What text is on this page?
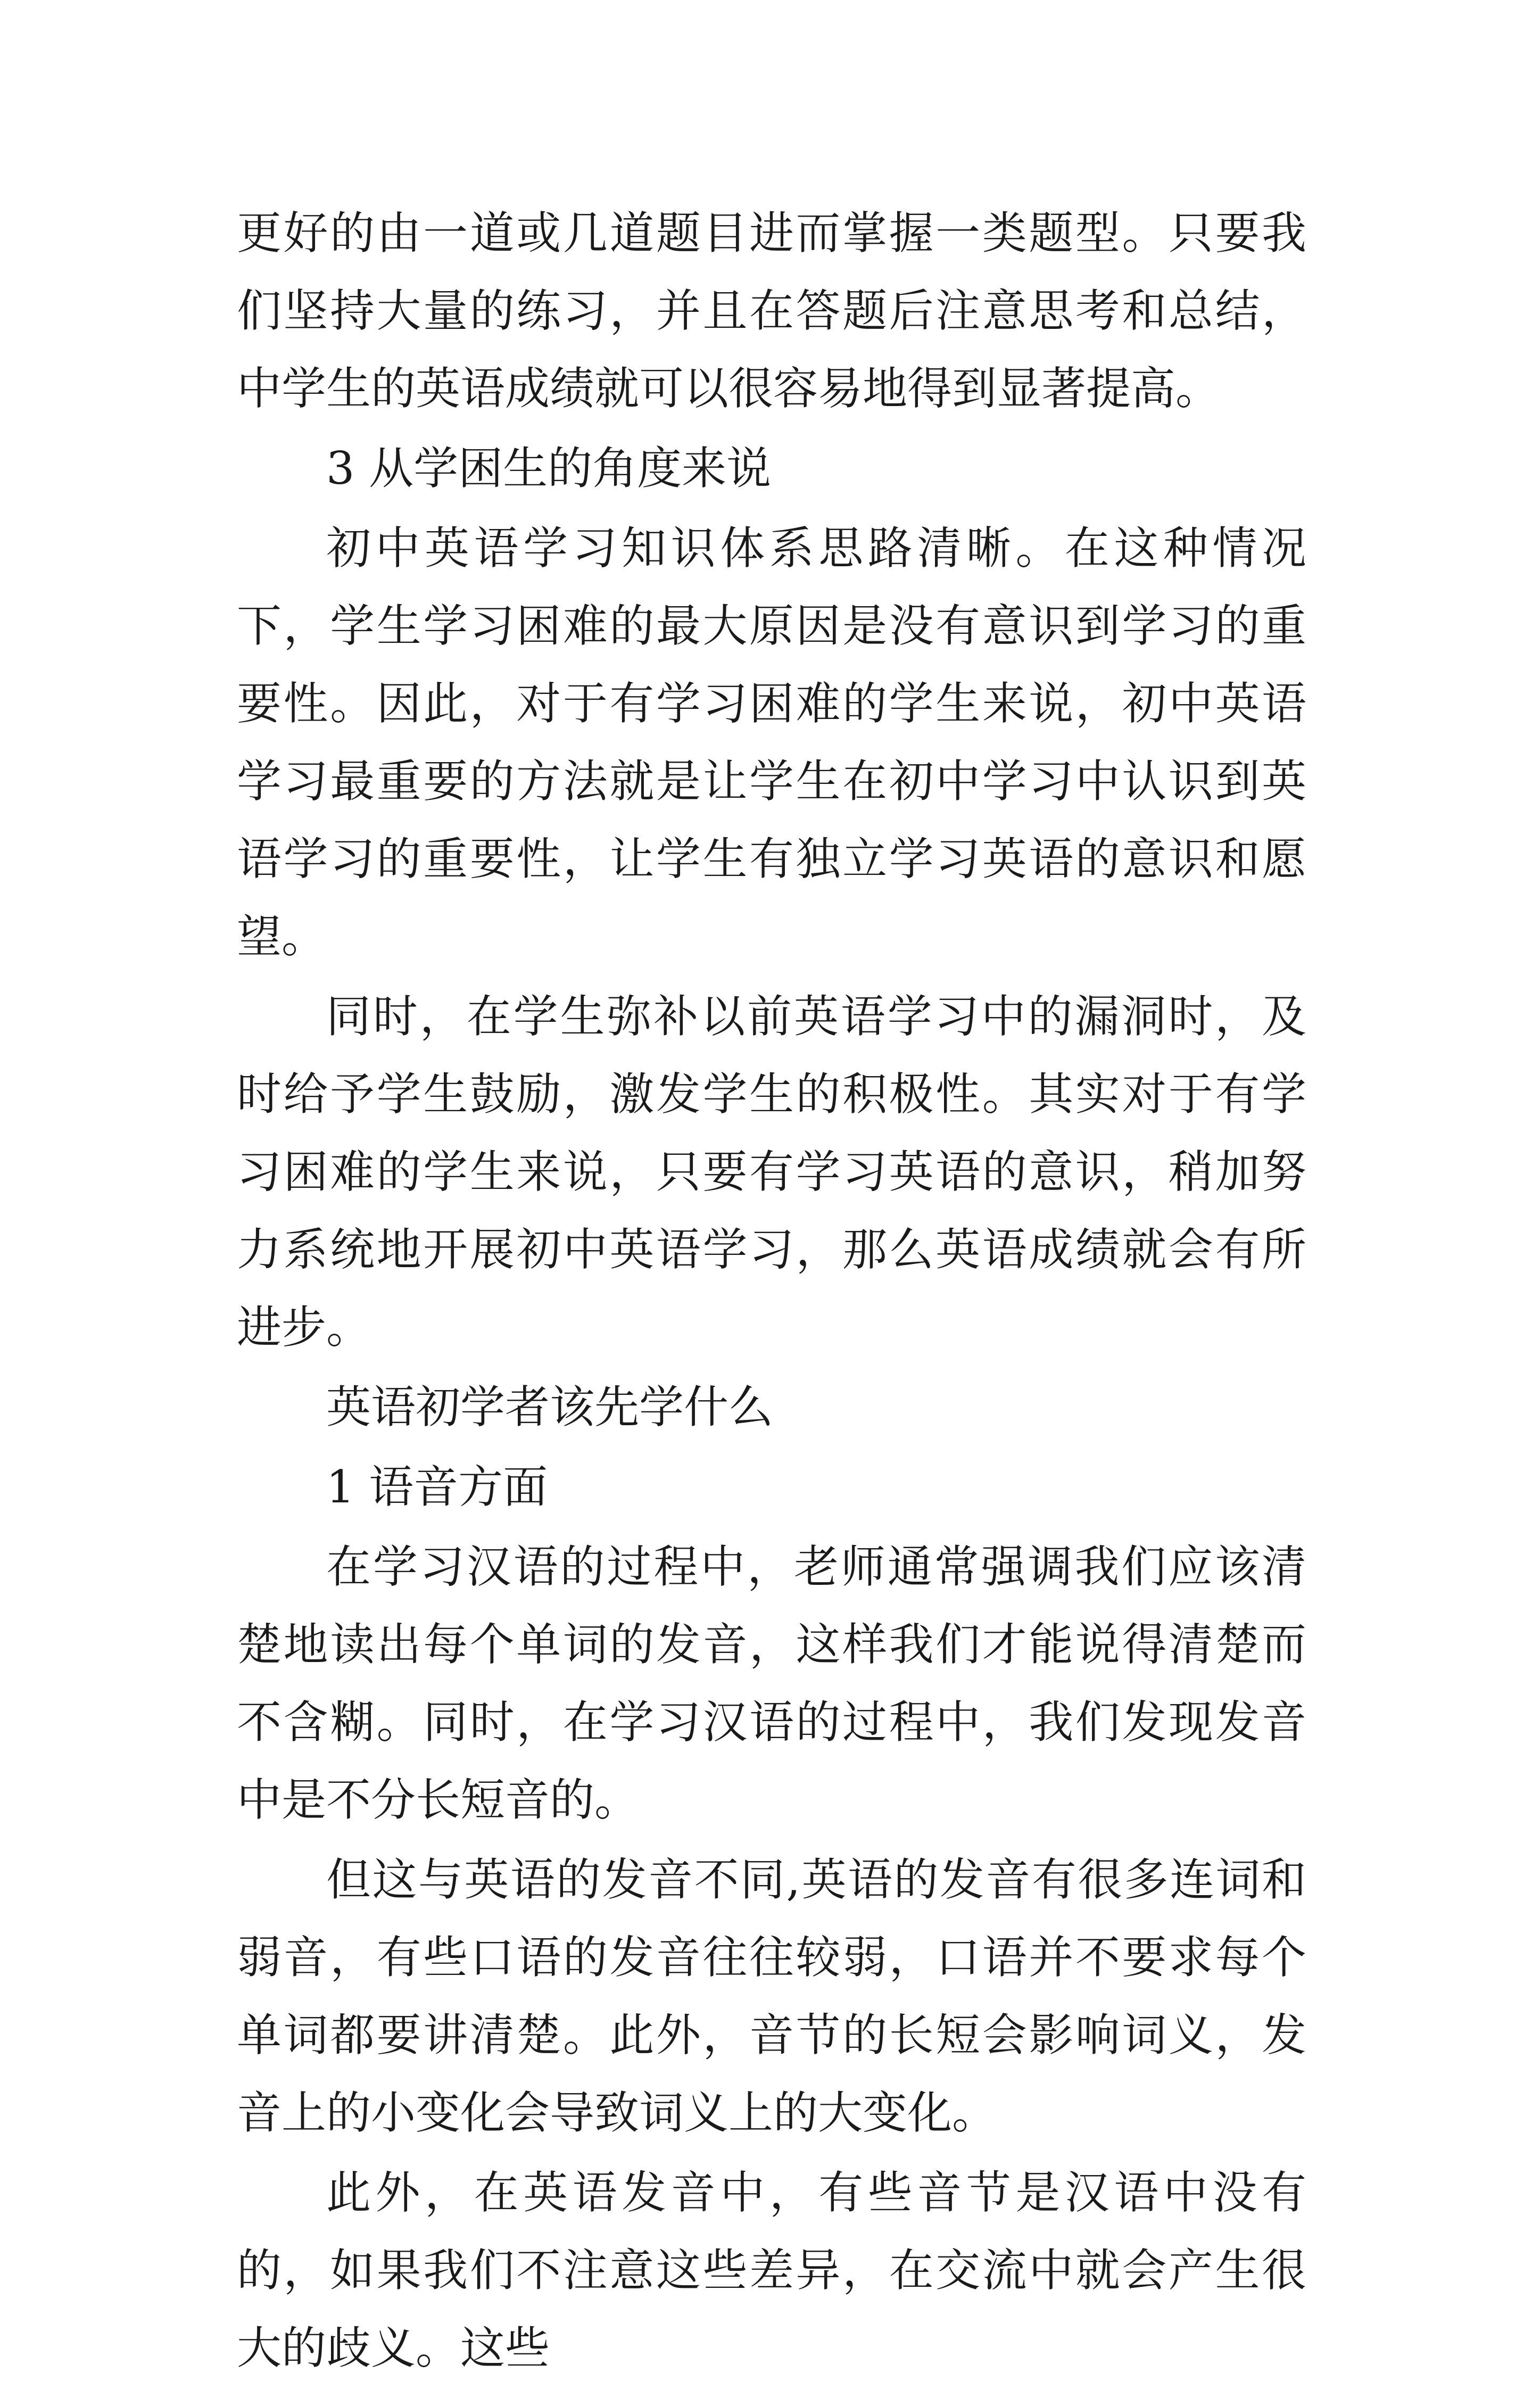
更好的由一道或几道题目进而掌握一类题型。只要我们坚持大量的练习，并且在答题后注意思考和总结，中学生的英语成绩就可以很容易地得到显著提高。

3 从学困生的角度来说

初中英语学习知识体系思路清晰。在这种情况下，学生学习困难的最大原因是没有意识到学习的重要性。因此，对于有学习困难的学生来说，初中英语学习最重要的方法就是让学生在初中学习中认识到英语学习的重要性，让学生有独立学习英语的意识和愿望。

同时，在学生弥补以前英语学习中的漏洞时，及时给予学生鼓励，激发学生的积极性。其实对于有学习困难的学生来说，只要有学习英语的意识，稍加努力系统地开展初中英语学习，那么英语成绩就会有所进步。

英语初学者该先学什么

1 语音方面

在学习汉语的过程中，老师通常强调我们应该清楚地读出每个单词的发音，这样我们才能说得清楚而不含糊。同时，在学习汉语的过程中，我们发现发音中是不分长短音的。

但这与英语的发音不同,英语的发音有很多连词和弱音，有些口语的发音往往较弱，口语并不要求每个单词都要讲清楚。此外，音节的长短会影响词义，发音上的小变化会导致词义上的大变化。

此外，在英语发音中，有些音节是汉语中没有的，如果我们不注意这些差异，在交流中就会产生很大的歧义。这些
